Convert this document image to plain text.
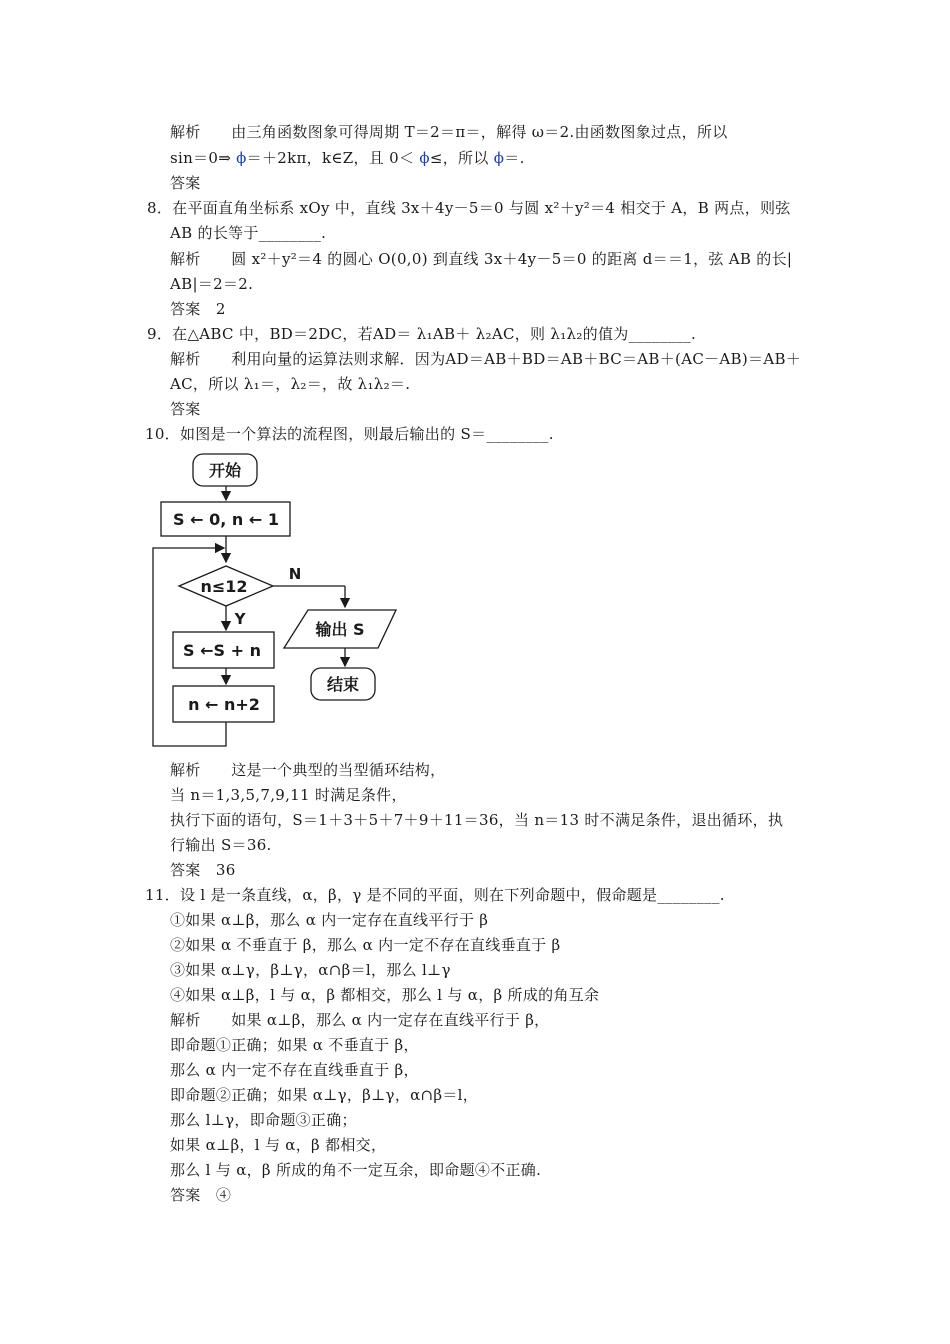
解析　　由三角函数图象可得周期 T＝2＝π＝，解得 ω＝2.由函数图象过点，所以
sin＝0⇒ ϕ＝＋2kπ，k∈Z，且 0＜ ϕ≤，所以 ϕ＝.
答案
8．在平面直角坐标系 xOy 中，直线 3x＋4y－5＝0 与圆 x²＋y²＝4 相交于 A，B 两点，则弦
AB 的长等于________.
解析　　圆 x²＋y²＝4 的圆心 O(0,0) 到直线 3x＋4y－5＝0 的距离 d＝＝1，弦 AB 的长|
AB|＝2＝2.
答案　2
9．在△ABC 中，BD＝2DC，若AD＝ λ₁AB＋ λ₂AC，则 λ₁λ₂的值为________.
解析　　利用向量的运算法则求解．因为AD＝AB＋BD＝AB＋BC＝AB＋(AC－AB)＝AB＋
AC，所以 λ₁＝，λ₂＝，故 λ₁λ₂＝.
答案
10．如图是一个算法的流程图，则最后输出的 S＝________.
开始
S ← 0, n ← 1
n≤12
N
Y
S ←S + n
n ← n+2
输出 S
结束
解析　　这是一个典型的当型循环结构，
当 n＝1,3,5,7,9,11 时满足条件，
执行下面的语句，S＝1＋3＋5＋7＋9＋11＝36，当 n＝13 时不满足条件，退出循环，执
行输出 S＝36.
答案　36
11．设 l 是一条直线，α，β，γ 是不同的平面，则在下列命题中，假命题是________.
①如果 α⊥β，那么 α 内一定存在直线平行于 β
②如果 α 不垂直于 β，那么 α 内一定不存在直线垂直于 β
③如果 α⊥γ，β⊥γ，α∩β＝l，那么 l⊥γ
④如果 α⊥β，l 与 α，β 都相交，那么 l 与 α，β 所成的角互余
解析　　如果 α⊥β，那么 α 内一定存在直线平行于 β，
即命题①正确；如果 α 不垂直于 β，
那么 α 内一定不存在直线垂直于 β，
即命题②正确；如果 α⊥γ，β⊥γ，α∩β＝l，
那么 l⊥γ，即命题③正确；
如果 α⊥β，l 与 α，β 都相交，
那么 l 与 α，β 所成的角不一定互余，即命题④不正确.
答案　④
